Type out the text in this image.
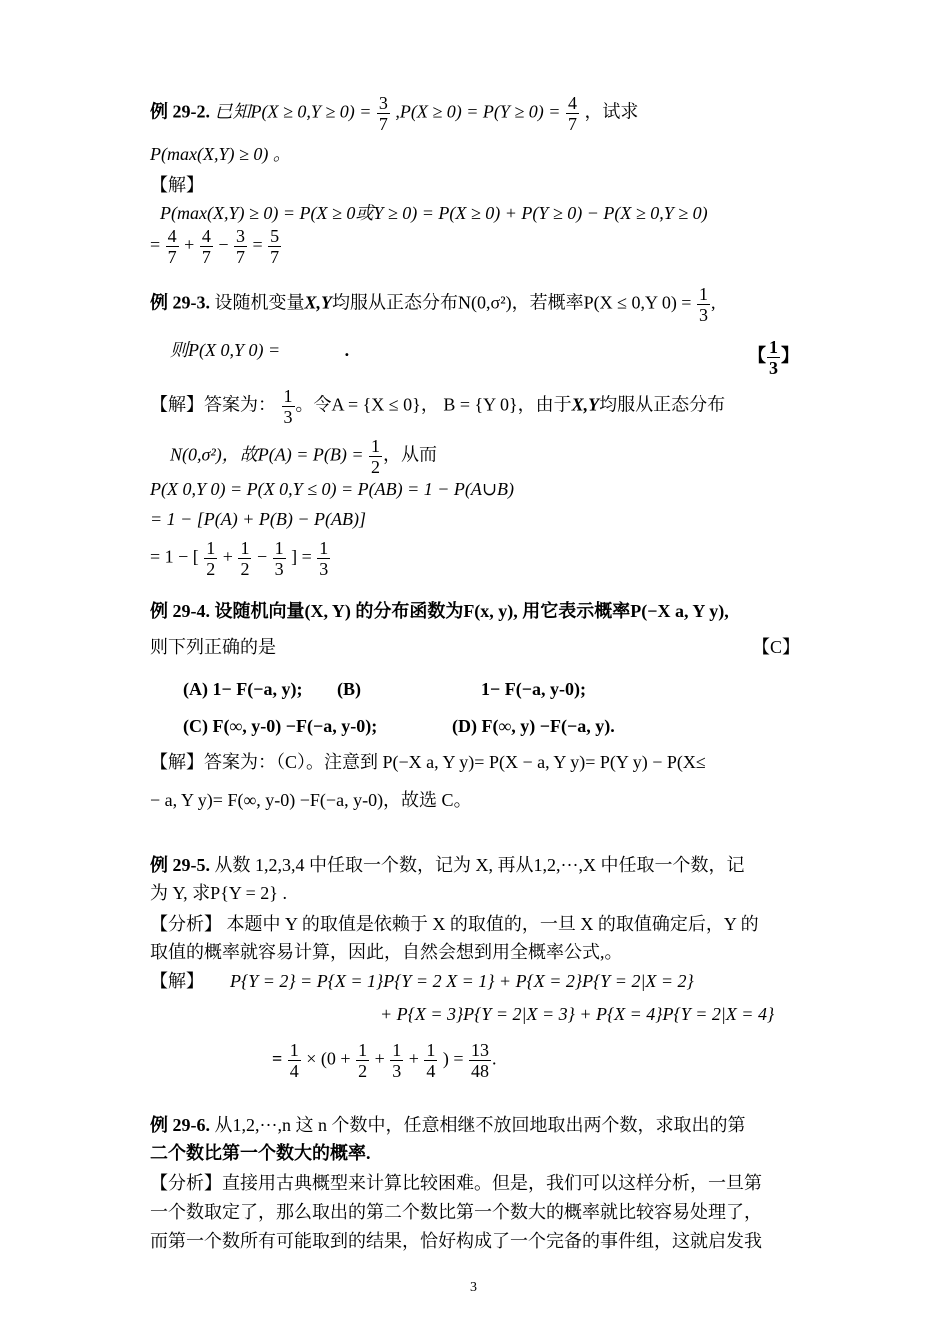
例 29-2. 已知$P(X \ge 0,Y \ge 0) = \frac{3}{7} ,P(X \ge 0) = P(Y \ge 0) = \frac{4}{7}$ ，试求
P(max(X,Y) ≥ 0) 。
【解】
P(max(X,Y) ≥ 0) = P(X ≥ 0或Y ≥ 0) = P(X ≥ 0) + P(Y ≥ 0) − P(X ≥ 0,Y ≥ 0)
= $\frac{4}{7} + \frac{4}{7} - \frac{3}{7} = \frac{5}{7}$
例 29-3. 设随机变量X,Y均服从正态分布N(0,σ²)，若概率P(X ≤ 0,Y $0) = \frac{1}{3}$ ,
则P(X 0,Y 0) =	.	【 $\frac{1}{3}$ 】
【解】答案为： $\frac{1}{3}$ 。令A = {X ≤ 0}， B = {Y 0}，由于X,Y均服从正态分布
N(0,σ²)，故$P(A) = P(B) = \frac{1}{2}$ ，从而
P(X 0,Y 0) = P(X 0,Y ≤ 0) = P(AB) = 1 − P(A∪B)
= 1 − [P(A) + P(B) − P(AB)]
= 1 − [ $\frac{1}{2} + \frac{1}{2} - \frac{1}{3}$ ] = $\frac{1}{3}$
例 29-4. 设随机向量(X, Y) 的分布函数为F(x, y), 用它表示概率P(−X a, Y y),
则下列正确的是	【C】
(A) 1− F(−a, y); (B)	1− F(−a, y-0);
(C) F(∞, y-0) −F(−a, y-0);	(D) F(∞, y) −F(−a, y).
【解】答案为：（C）。注意到 P(−X a, Y y)= P(X − a, Y y)= P(Y y) − P(X≤
− a, Y y)= F(∞, y-0) −F(−a, y-0)，故选 C。
例 29-5. 从数 1,2,3,4 中任取一个数，记为 X, 再从1,2,···,X 中任取一个数，记
为 Y, 求P{Y = 2} .
【分析】 本题中 Y 的取值是依赖于 X 的取值的，一旦 X 的取值确定后，Y 的
取值的概率就容易计算，因此，自然会想到用全概率公式,。
【解】 P{Y = 2} = P{X = 1}P{Y = 2 X = 1} + P{X = 2}P{Y = 2|X = 2}
+ P{X = 3}P{Y = 2|X = 3} + P{X = 4}P{Y = 2|X = 4}
= $\frac{1}{4} \times (0 + \frac{1}{2} + \frac{1}{3} + \frac{1}{4}$ ) = $\frac{13}{48}$ .
例 29-6. 从1,2,···,n 这 n 个数中，任意相继不放回地取出两个数，求取出的第
二个数比第一个数大的概率.
【分析】直接用古典概型来计算比较困难。但是，我们可以这样分析，一旦第
一个数取定了，那么取出的第二个数比第一个数大的概率就比较容易处理了，
而第一个数所有可能取到的结果，恰好构成了一个完备的事件组，这就启发我
3
